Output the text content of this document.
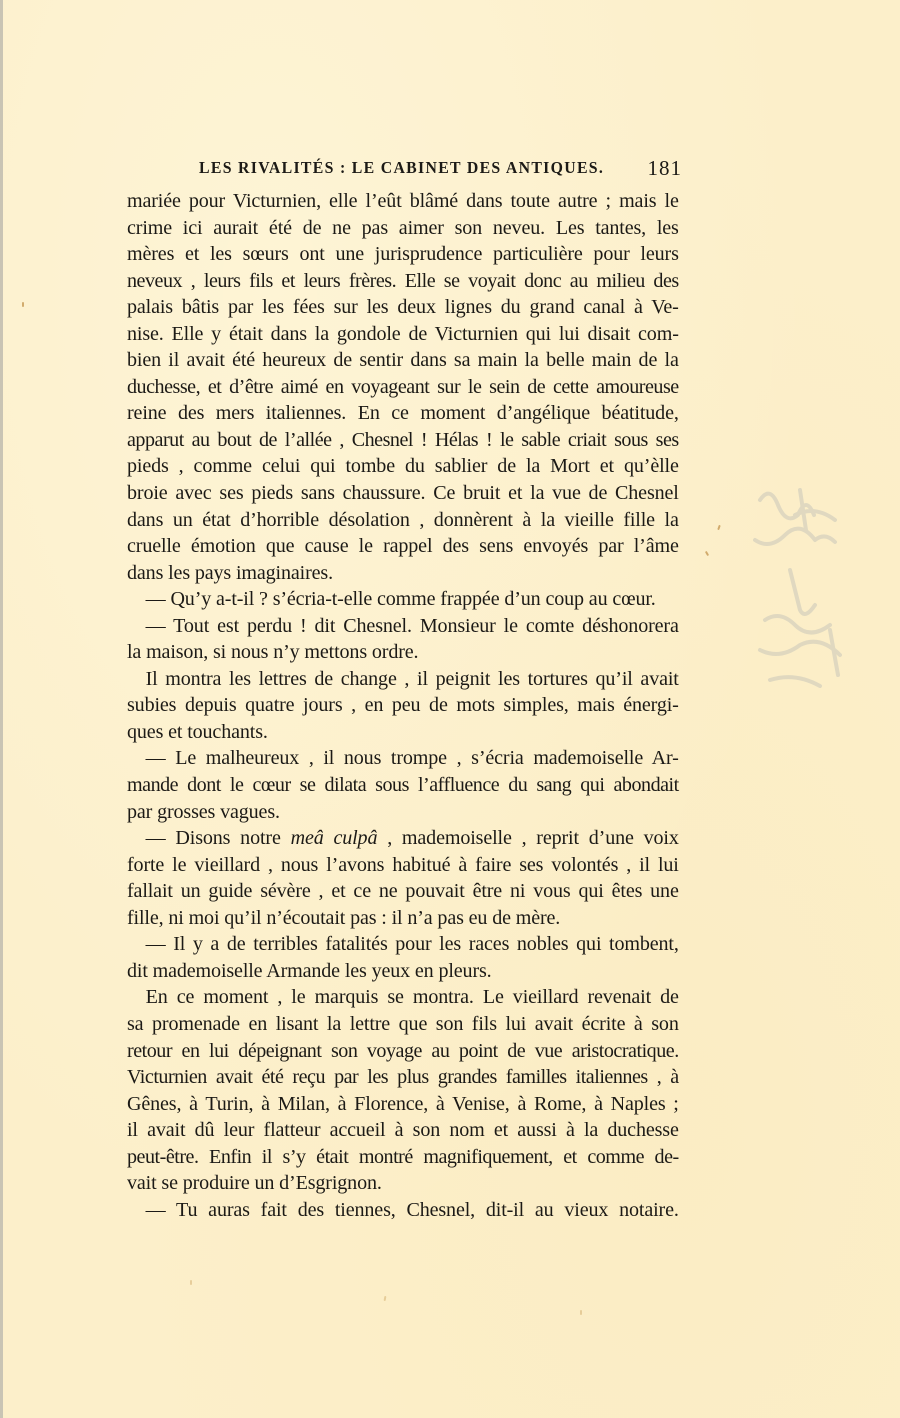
LES RIVALITÉS : LE CABINET DES ANTIQUES. 181
mariée pour Victurnien, elle l’eût blâmé dans toute autre ; mais le
crime ici aurait été de ne pas aimer son neveu. Les tantes, les
mères et les sœurs ont une jurisprudence particulière pour leurs
neveux , leurs fils et leurs frères. Elle se voyait donc au milieu des
palais bâtis par les fées sur les deux lignes du grand canal à Ve-
nise. Elle y était dans la gondole de Victurnien qui lui disait com-
bien il avait été heureux de sentir dans sa main la belle main de la
duchesse, et d’être aimé en voyageant sur le sein de cette amoureuse
reine des mers italiennes. En ce moment d’angélique béatitude,
apparut au bout de l’allée , Chesnel ! Hélas ! le sable criait sous ses
pieds , comme celui qui tombe du sablier de la Mort et qu’èlle
broie avec ses pieds sans chaussure. Ce bruit et la vue de Chesnel
dans un état d’horrible désolation , donnèrent à la vieille fille la
cruelle émotion que cause le rappel des sens envoyés par l’âme
dans les pays imaginaires.
— Qu’y a-t-il ? s’écria-t-elle comme frappée d’un coup au cœur.
— Tout est perdu ! dit Chesnel. Monsieur le comte déshonorera
la maison, si nous n’y mettons ordre.
Il montra les lettres de change , il peignit les tortures qu’il avait
subies depuis quatre jours , en peu de mots simples, mais énergi-
ques et touchants.
— Le malheureux , il nous trompe , s’écria mademoiselle Ar-
mande dont le cœur se dilata sous l’affluence du sang qui abondait
par grosses vagues.
— Disons notre meâ culpâ , mademoiselle , reprit d’une voix
forte le vieillard , nous l’avons habitué à faire ses volontés , il lui
fallait un guide sévère , et ce ne pouvait être ni vous qui êtes une
fille, ni moi qu’il n’écoutait pas : il n’a pas eu de mère.
— Il y a de terribles fatalités pour les races nobles qui tombent,
dit mademoiselle Armande les yeux en pleurs.
En ce moment , le marquis se montra. Le vieillard revenait de
sa promenade en lisant la lettre que son fils lui avait écrite à son
retour en lui dépeignant son voyage au point de vue aristocratique.
Victurnien avait été reçu par les plus grandes familles italiennes , à
Gênes, à Turin, à Milan, à Florence, à Venise, à Rome, à Naples ;
il avait dû leur flatteur accueil à son nom et aussi à la duchesse
peut-être. Enfin il s’y était montré magnifiquement, et comme de-
vait se produire un d’Esgrignon.
— Tu auras fait des tiennes, Chesnel, dit-il au vieux notaire.
